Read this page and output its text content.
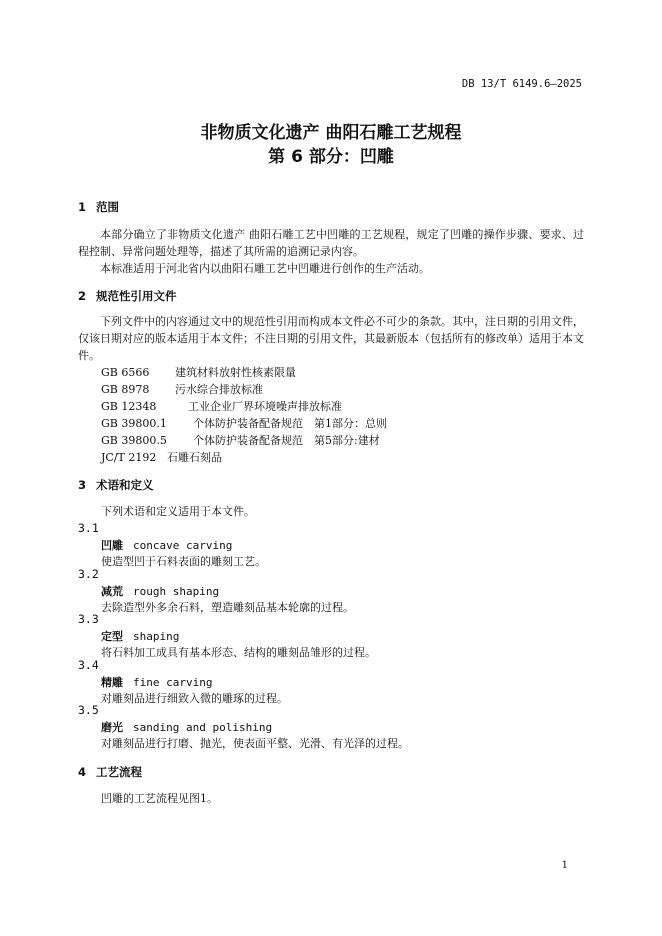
DB 13/T 6149.6—2025
非物质文化遗产 曲阳石雕工艺规程
第 6 部分：凹雕
1 范围
本部分确立了非物质文化遗产 曲阳石雕工艺中凹雕的工艺规程，规定了凹雕的操作步骤、要求、过程控制、异常问题处理等，描述了其所需的追溯记录内容。
本标准适用于河北省内以曲阳石雕工艺中凹雕进行创作的生产活动。
2 规范性引用文件
下列文件中的内容通过文中的规范性引用而构成本文件必不可少的条款。其中，注日期的引用文件，仅该日期对应的版本适用于本文件；不注日期的引用文件，其最新版本（包括所有的修改单）适用于本文件。
GB 6566 建筑材料放射性核素限量
GB 8978 污水综合排放标准
GB 12348	工业企业厂界环境噪声排放标准
GB 39800.1 个体防护装备配备规范　第1部分：总则
GB 39800.5 个体防护装备配备规范　第5部分:建材
JC/T 2192 石雕石刻品
3 术语和定义
下列术语和定义适用于本文件。
3.1
凹雕 concave carving
使造型凹于石料表面的雕刻工艺。
3.2
减荒 rough shaping
去除造型外多余石料，塑造雕刻品基本轮廓的过程。
3.3
定型 shaping
将石料加工成具有基本形态、结构的雕刻品雏形的过程。
3.4
精雕 fine carving
对雕刻品进行细致入微的雕琢的过程。
3.5
磨光 sanding and polishing
对雕刻品进行打磨、抛光，使表面平整、光滑、有光泽的过程。
4 工艺流程
凹雕的工艺流程见图1。
1
